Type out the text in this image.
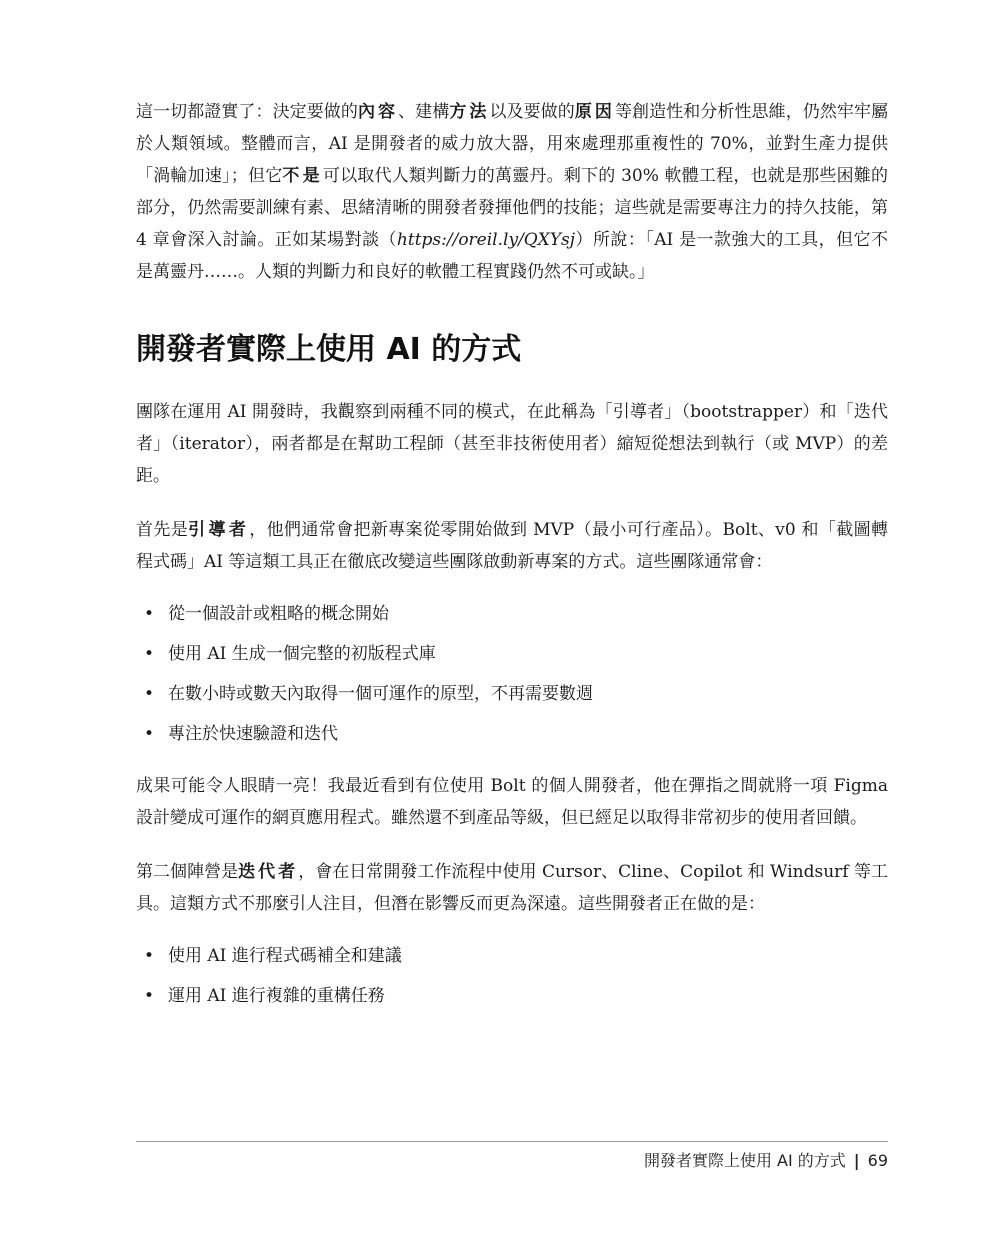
這一切都證實了：決定要做的內容、建構方法以及要做的原因等創造性和分析性思維，仍然牢牢屬於人類領域。整體而言，AI 是開發者的威力放大器，用來處理那重複性的 70%，並對生產力提供「渦輪加速」；但它不是可以取代人類判斷力的萬靈丹。剩下的 30% 軟體工程，也就是那些困難的部分，仍然需要訓練有素、思緒清晰的開發者發揮他們的技能；這些就是需要專注力的持久技能，第 4 章會深入討論。正如某場對談（https://oreil.ly/QXYsj）所說：「AI 是一款強大的工具，但它不是萬靈丹……。人類的判斷力和良好的軟體工程實踐仍然不可或缺。」

開發者實際上使用 AI 的方式

團隊在運用 AI 開發時，我觀察到兩種不同的模式，在此稱為「引導者」（bootstrapper）和「迭代者」（iterator），兩者都是在幫助工程師（甚至非技術使用者）縮短從想法到執行（或 MVP）的差距。

首先是引導者，他們通常會把新專案從零開始做到 MVP（最小可行產品）。Bolt、v0 和「截圖轉程式碼」AI 等這類工具正在徹底改變這些團隊啟動新專案的方式。這些團隊通常會：

• 從一個設計或粗略的概念開始
• 使用 AI 生成一個完整的初版程式庫
• 在數小時或數天內取得一個可運作的原型，不再需要數週
• 專注於快速驗證和迭代

成果可能令人眼睛一亮！我最近看到有位使用 Bolt 的個人開發者，他在彈指之間就將一項 Figma 設計變成可運作的網頁應用程式。雖然還不到產品等級，但已經足以取得非常初步的使用者回饋。

第二個陣營是迭代者，會在日常開發工作流程中使用 Cursor、Cline、Copilot 和 Windsurf 等工具。這類方式不那麼引人注目，但潛在影響反而更為深遠。這些開發者正在做的是：

• 使用 AI 進行程式碼補全和建議
• 運用 AI 進行複雜的重構任務
開發者實際上使用 AI 的方式 | 69
